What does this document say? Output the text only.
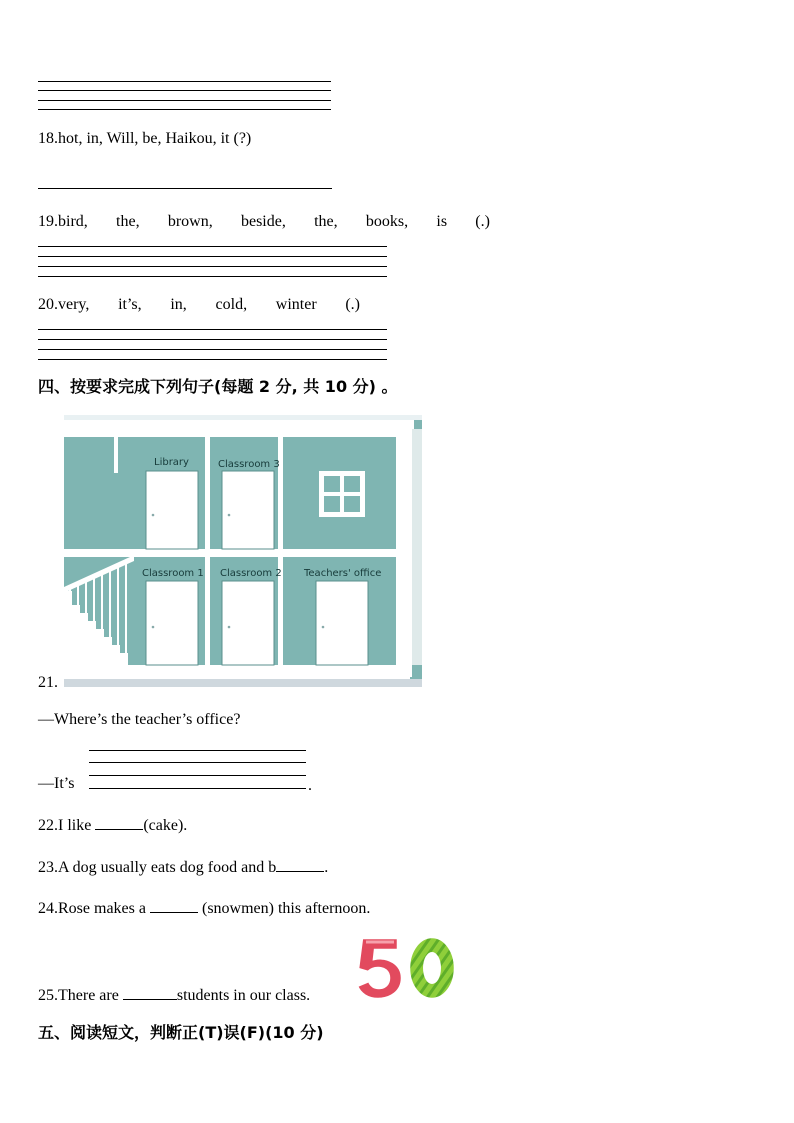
18.hot, in, Will, be, Haikou, it (?)
19.bird, the, brown, beside, the, books, is (.)
20.very, it’s, in, cold, winter (.)
四、按要求完成下列句子(每题 2 分, 共 10 分) 。
Library	Classroom 3
Classroom 1 Classroom 2 Teachers' office
21.
—Where’s the teacher’s office?
—It’s	.
22.I like	(cake).
23.A dog usually eats dog food and b	.
24.Rose makes a	(snowmen) this afternoon.
25.There are	students in our class.
五、阅读短文，判断正(T)误(F)(10 分)
